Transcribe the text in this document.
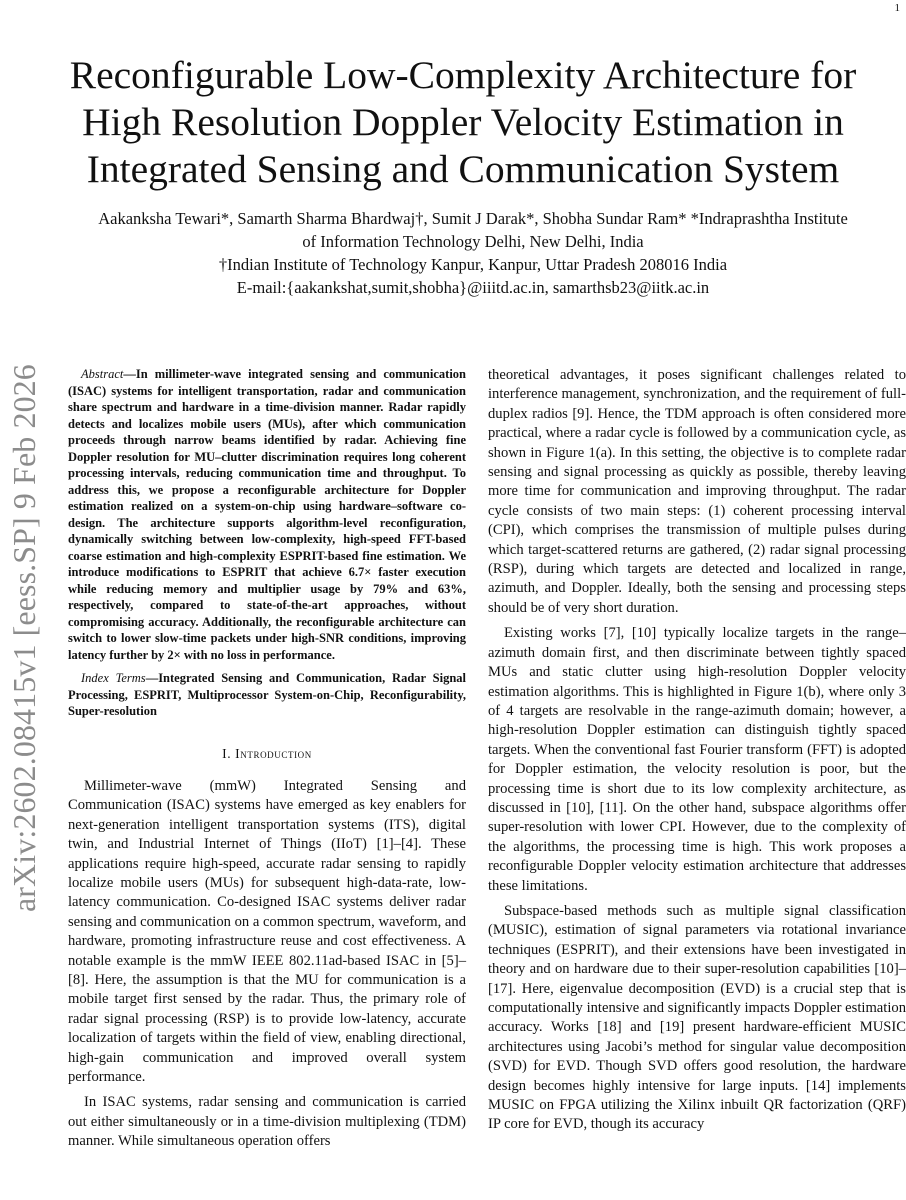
1
arXiv:2602.08415v1 [eess.SP] 9 Feb 2026
Reconfigurable Low-Complexity Architecture for
High Resolution Doppler Velocity Estimation in
Integrated Sensing and Communication System
Aakanksha Tewari*, Samarth Sharma Bhardwaj†, Sumit J Darak*, Shobha Sundar Ram* *Indraprashtha Institute
of Information Technology Delhi, New Delhi, India
†Indian Institute of Technology Kanpur, Kanpur, Uttar Pradesh 208016 India
E-mail:{aakankshat,sumit,shobha}@iiitd.ac.in, samarthsb23@iitk.ac.in

Abstract—In millimeter-wave integrated sensing and communication (ISAC) systems for intelligent transportation, radar and communication share spectrum and hardware in a time-division manner. Radar rapidly detects and localizes mobile users (MUs), after which communication proceeds through narrow beams identified by radar. Achieving fine Doppler resolution for MU–clutter discrimination requires long coherent processing intervals, reducing communication time and throughput. To address this, we propose a reconfigurable architecture for Doppler estimation realized on a system-on-chip using hardware–software co-design. The architecture supports algorithm-level reconfiguration, dynamically switching between low-complexity, high-speed FFT-based coarse estimation and high-complexity ESPRIT-based fine estimation. We introduce modifications to ESPRIT that achieve 6.7× faster execution while reducing memory and multiplier usage by 79% and 63%, respectively, compared to state-of-the-art approaches, without compromising accuracy. Additionally, the reconfigurable architecture can switch to lower slow-time packets under high-SNR conditions, improving latency further by 2× with no loss in performance.

Index Terms—Integrated Sensing and Communication, Radar Signal Processing, ESPRIT, Multiprocessor System-on-Chip, Reconfigurability, Super-resolution

I. Introduction

Millimeter-wave (mmW) Integrated Sensing and Communication (ISAC) systems have emerged as key enablers for next-generation intelligent transportation systems (ITS), digital twin, and Industrial Internet of Things (IIoT) [1]–[4]. These applications require high-speed, accurate radar sensing to rapidly localize mobile users (MUs) for subsequent high-data-rate, low-latency communication. Co-designed ISAC systems deliver radar sensing and communication on a common spectrum, waveform, and hardware, promoting infrastructure reuse and cost effectiveness. A notable example is the mmW IEEE 802.11ad-based ISAC in [5]–[8]. Here, the assumption is that the MU for communication is a mobile target first sensed by the radar. Thus, the primary role of radar signal processing (RSP) is to provide low-latency, accurate localization of targets within the field of view, enabling directional, high-gain communication and improved overall system performance.

In ISAC systems, radar sensing and communication is carried out either simultaneously or in a time-division multiplexing (TDM) manner. While simultaneous operation offers

theoretical advantages, it poses significant challenges related to interference management, synchronization, and the requirement of full-duplex radios [9]. Hence, the TDM approach is often considered more practical, where a radar cycle is followed by a communication cycle, as shown in Figure 1(a). In this setting, the objective is to complete radar sensing and signal processing as quickly as possible, thereby leaving more time for communication and improving throughput. The radar cycle consists of two main steps: (1) coherent processing interval (CPI), which comprises the transmission of multiple pulses during which target-scattered returns are gathered, (2) radar signal processing (RSP), during which targets are detected and localized in range, azimuth, and Doppler. Ideally, both the sensing and processing steps should be of very short duration.

Existing works [7], [10] typically localize targets in the range–azimuth domain first, and then discriminate between tightly spaced MUs and static clutter using high-resolution Doppler velocity estimation algorithms. This is highlighted in Figure 1(b), where only 3 of 4 targets are resolvable in the range-azimuth domain; however, a high-resolution Doppler estimation can distinguish tightly spaced targets. When the conventional fast Fourier transform (FFT) is adopted for Doppler estimation, the velocity resolution is poor, but the processing time is short due to its low complexity architecture, as discussed in [10], [11]. On the other hand, subspace algorithms offer super-resolution with lower CPI. However, due to the complexity of the algorithms, the processing time is high. This work proposes a reconfigurable Doppler velocity estimation architecture that addresses these limitations.

Subspace-based methods such as multiple signal classification (MUSIC), estimation of signal parameters via rotational invariance techniques (ESPRIT), and their extensions have been investigated in theory and on hardware due to their super-resolution capabilities [10]–[17]. Here, eigenvalue decomposition (EVD) is a crucial step that is computationally intensive and significantly impacts Doppler estimation accuracy. Works [18] and [19] present hardware-efficient MUSIC architectures using Jacobi’s method for singular value decomposition (SVD) for EVD. Though SVD offers good resolution, the hardware design becomes highly intensive for large inputs. [14] implements MUSIC on FPGA utilizing the Xilinx inbuilt QR factorization (QRF) IP core for EVD, though its accuracy
